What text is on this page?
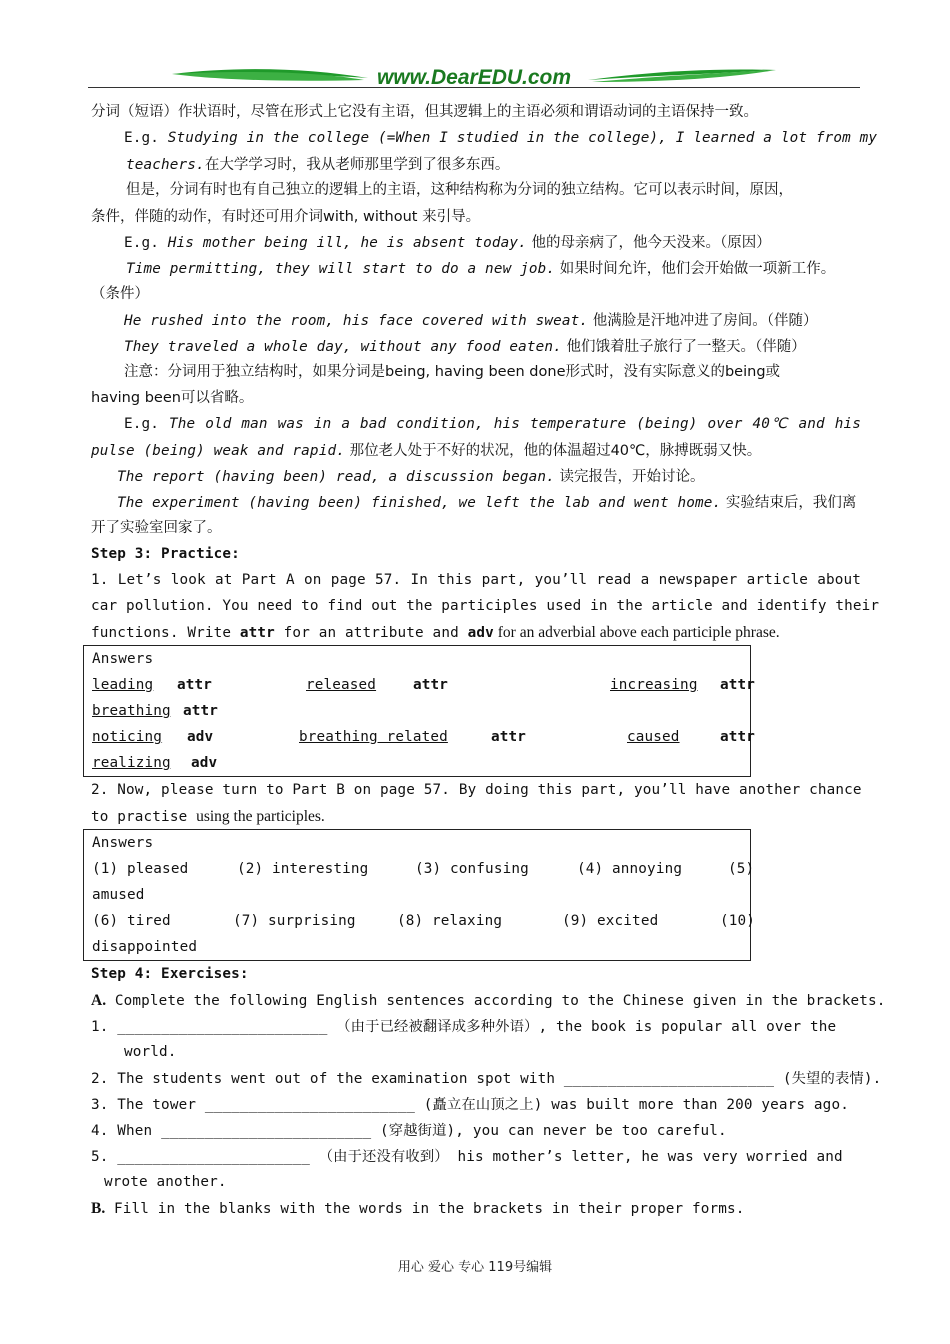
www.DearEDU.com
分词（短语）作状语时，尽管在形式上它没有主语，但其逻辑上的主语必须和谓语动词的主语保持一致。
E.g. Studying in the college (=When I studied in the college), I learned a lot from my
teachers.在大学学习时，我从老师那里学到了很多东西。
但是，分词有时也有自己独立的逻辑上的主语，这种结构称为分词的独立结构。它可以表示时间，原因，
条件，伴随的动作，有时还可用介词with, without 来引导。
E.g. His mother being ill, he is absent today. 他的母亲病了，他今天没来。（原因）
Time permitting, they will start to do a new job. 如果时间允许，他们会开始做一项新工作。
（条件）
He rushed into the room, his face covered with sweat. 他满脸是汗地冲进了房间。（伴随）
They traveled a whole day, without any food eaten. 他们饿着肚子旅行了一整天。（伴随）
注意：分词用于独立结构时，如果分词是being, having been done形式时，没有实际意义的being或
having been可以省略。
E.g. The old man was in a bad condition, his temperature (being) over 40℃ and his
pulse (being) weak and rapid. 那位老人处于不好的状况，他的体温超过40℃，脉搏既弱又快。
The report (having been) read, a discussion began. 读完报告，开始讨论。
The experiment (having been) finished, we left the lab and went home. 实验结束后，我们离
开了实验室回家了。
Step 3: Practice:
1. Let’s look at Part A on page 57. In this part, you’ll read a newspaper article about
car pollution. You need to find out the participles used in the article and identify their
functions. Write attr for an attribute and adv for an adverbial above each participle phrase.
Answers
leading attr	released	attr	increasing attr
breathing attr
noticing adv	breathing related	attr	caused	attr
realizing adv
2. Now, please turn to Part B on page 57. By doing this part, you’ll have another chance
to practise using the participles.
Answers
(1) pleased	(2) interesting	(3) confusing	(4) annoying	(5)
amused
(6) tired	(7) surprising	(8) relaxing	(9) excited	(10)
disappointed
Step 4: Exercises:
A. Complete the following English sentences according to the Chinese given in the brackets.
1. ________________________ （由于已经被翻译成多种外语）, the book is popular all over the
world.
2. The students went out of the examination spot with ________________________ (失望的表情).
3. The tower ________________________ (矗立在山顶之上) was built more than 200 years ago.
4. When ________________________ (穿越街道), you can never be too careful.
5. ______________________ （由于还没有收到） his mother’s letter, he was very worried and
wrote another.
B. Fill in the blanks with the words in the brackets in their proper forms.
用心 爱心 专心 119号编辑
